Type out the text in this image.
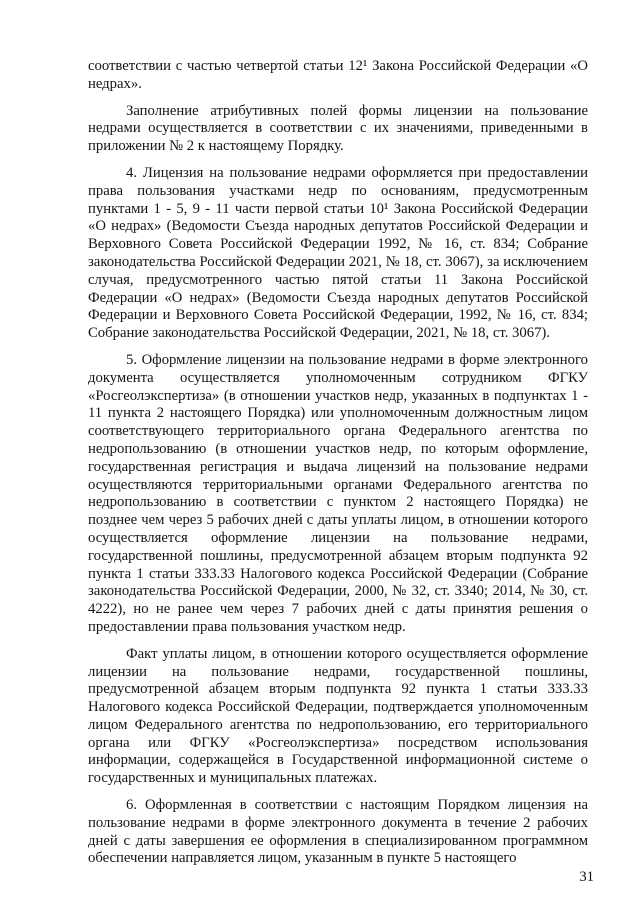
соответствии с частью четвертой статьи 12¹ Закона Российской Федерации «О недрах».

Заполнение атрибутивных полей формы лицензии на пользование недрами осуществляется в соответствии с их значениями, приведенными в приложении № 2 к настоящему Порядку.

4. Лицензия на пользование недрами оформляется при предоставлении права пользования участками недр по основаниям, предусмотренным пунктами 1 - 5, 9 - 11 части первой статьи 10¹ Закона Российской Федерации «О недрах» (Ведомости Съезда народных депутатов Российской Федерации и Верховного Совета Российской Федерации 1992, № 16, ст. 834; Собрание законодательства Российской Федерации 2021, № 18, ст. 3067), за исключением случая, предусмотренного частью пятой статьи 11 Закона Российской Федерации «О недрах» (Ведомости Съезда народных депутатов Российской Федерации и Верховного Совета Российской Федерации, 1992, № 16, ст. 834; Собрание законодательства Российской Федерации, 2021, № 18, ст. 3067).

5. Оформление лицензии на пользование недрами в форме электронного документа осуществляется уполномоченным сотрудником ФГКУ «Росгеолэкспертиза» (в отношении участков недр, указанных в подпунктах 1 - 11 пункта 2 настоящего Порядка) или уполномоченным должностным лицом соответствующего территориального органа Федерального агентства по недропользованию (в отношении участков недр, по которым оформление, государственная регистрация и выдача лицензий на пользование недрами осуществляются территориальными органами Федерального агентства по недропользованию в соответствии с пунктом 2 настоящего Порядка) не позднее чем через 5 рабочих дней с даты уплаты лицом, в отношении которого осуществляется оформление лицензии на пользование недрами, государственной пошлины, предусмотренной абзацем вторым подпункта 92 пункта 1 статьи 333.33 Налогового кодекса Российской Федерации (Собрание законодательства Российской Федерации, 2000, № 32, ст. 3340; 2014, № 30, ст. 4222), но не ранее чем через 7 рабочих дней с даты принятия решения о предоставлении права пользования участком недр.

Факт уплаты лицом, в отношении которого осуществляется оформление лицензии на пользование недрами, государственной пошлины, предусмотренной абзацем вторым подпункта 92 пункта 1 статьи 333.33 Налогового кодекса Российской Федерации, подтверждается уполномоченным лицом Федерального агентства по недропользованию, его территориального органа или ФГКУ «Росгеолэкспертиза» посредством использования информации, содержащейся в Государственной информационной системе о государственных и муниципальных платежах.

6. Оформленная в соответствии с настоящим Порядком лицензия на пользование недрами в форме электронного документа в течение 2 рабочих дней с даты завершения ее оформления в специализированном программном обеспечении направляется лицом, указанным в пункте 5 настоящего

31
